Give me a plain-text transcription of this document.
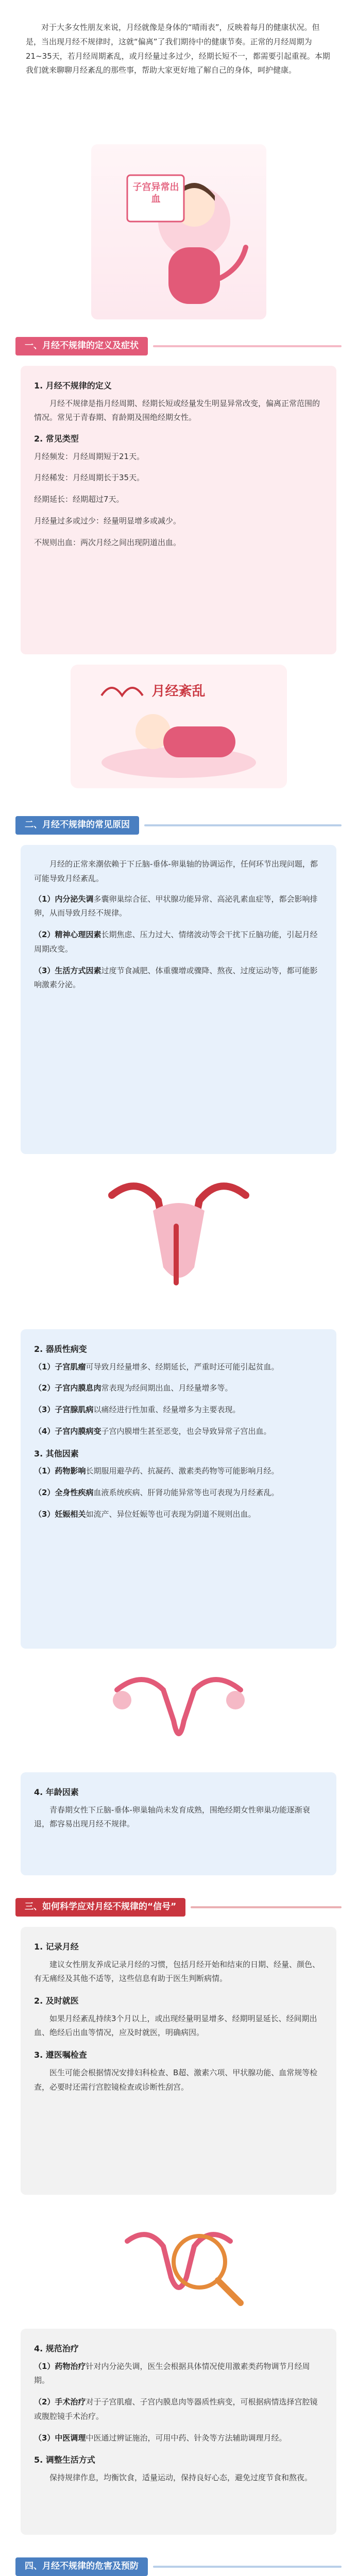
对于大多女性朋友来说，月经就像是身体的“晴雨表”，反映着每月的健康状况。但是，当出现月经不规律时，这就“偏离”了我们期待中的健康节奏。正常的月经周期为21~35天，若月经周期紊乱，或月经量过多过少，经期长短不一，都需要引起重视。本期我们就来聊聊月经紊乱的那些事，帮助大家更好地了解自己的身体，呵护健康。
子宫异常出血
一、月经不规律的定义及症状
1. 月经不规律的定义

月经不规律是指月经周期、经期长短或经量发生明显异常改变，偏离正常范围的情况。常见于青春期、育龄期及围绝经期女性。

2. 常见类型
月经频发：月经周期短于21天。
月经稀发：月经周期长于35天。
经期延长：经期超过7天。
月经量过多或过少：经量明显增多或减少。
不规则出血：两次月经之间出现阴道出血。
月经紊乱
二、月经不规律的常见原因

月经的正常来潮依赖于下丘脑-垂体-卵巢轴的协调运作，任何环节出现问题，都可能导致月经紊乱。

（1）内分泌失调多囊卵巢综合征、甲状腺功能异常、高泌乳素血症等，都会影响排卵，从而导致月经不规律。
（2）精神心理因素长期焦虑、压力过大、情绪波动等会干扰下丘脑功能，引起月经周期改变。
（3）生活方式因素过度节食减肥、体重骤增或骤降、熬夜、过度运动等，都可能影响激素分泌。
2. 器质性病变
（1）子宫肌瘤可导致月经量增多、经期延长，严重时还可能引起贫血。
（2）子宫内膜息肉常表现为经间期出血、月经量增多等。
（3）子宫腺肌病以痛经进行性加重、经量增多为主要表现。
（4）子宫内膜病变子宫内膜增生甚至恶变，也会导致异常子宫出血。
3. 其他因素
（1）药物影响长期服用避孕药、抗凝药、激素类药物等可能影响月经。
（2）全身性疾病血液系统疾病、肝肾功能异常等也可表现为月经紊乱。
（3）妊娠相关如流产、异位妊娠等也可表现为阴道不规则出血。
4. 年龄因素

青春期女性下丘脑-垂体-卵巢轴尚未发育成熟，围绝经期女性卵巢功能逐渐衰退，都容易出现月经不规律。

三、如何科学应对月经不规律的“信号”
1. 记录月经

建议女性朋友养成记录月经的习惯，包括月经开始和结束的日期、经量、颜色、有无痛经及其他不适等，这些信息有助于医生判断病情。

2. 及时就医

如果月经紊乱持续3个月以上，或出现经量明显增多、经期明显延长、经间期出血、绝经后出血等情况，应及时就医，明确病因。

3. 遵医嘱检查

医生可能会根据情况安排妇科检查、B超、激素六项、甲状腺功能、血常规等检查，必要时还需行宫腔镜检查或诊断性刮宫。

4. 规范治疗
（1）药物治疗针对内分泌失调，医生会根据具体情况使用激素类药物调节月经周期。
（2）手术治疗对于子宫肌瘤、子宫内膜息肉等器质性病变，可根据病情选择宫腔镜或腹腔镜手术治疗。
（3）中医调理中医通过辨证施治，可用中药、针灸等方法辅助调理月经。
5. 调整生活方式

保持规律作息，均衡饮食，适量运动，保持良好心态，避免过度节食和熬夜。

四、月经不规律的危害及预防
